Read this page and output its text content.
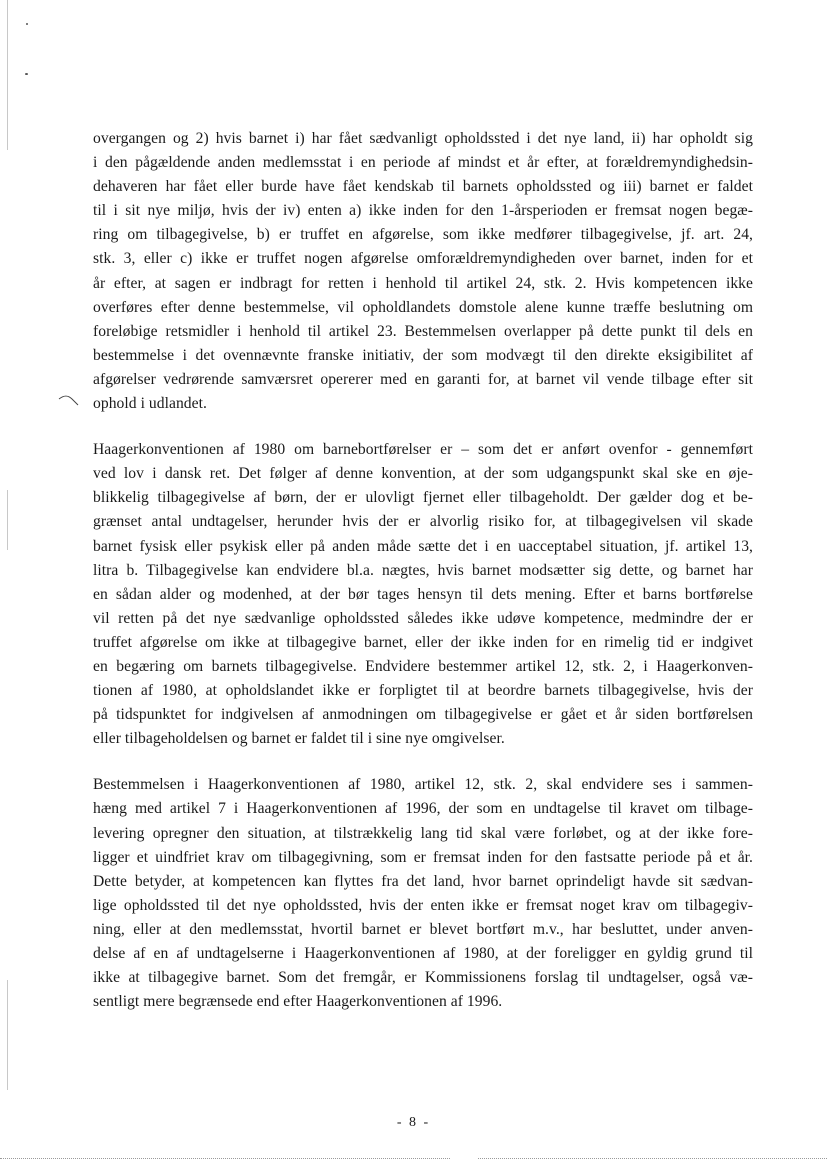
overgangen og 2) hvis barnet i) har fået sædvanligt opholdssted i det nye land, ii) har opholdt sig
i den pågældende anden medlemsstat i en periode af mindst et år efter, at forældremyndighedsin-
dehaveren har fået eller burde have fået kendskab til barnets opholdssted og iii) barnet er faldet
til i sit nye miljø, hvis der iv) enten a) ikke inden for den 1-årsperioden er fremsat nogen begæ-
ring om tilbagegivelse, b) er truffet en afgørelse, som ikke medfører tilbagegivelse, jf. art. 24,
stk. 3, eller c) ikke er truffet nogen afgørelse omforældremyndigheden over barnet, inden for et
år efter, at sagen er indbragt for retten i henhold til artikel 24, stk. 2. Hvis kompetencen ikke
overføres efter denne bestemmelse, vil opholdlandets domstole alene kunne træffe beslutning om
foreløbige retsmidler i henhold til artikel 23. Bestemmelsen overlapper på dette punkt til dels en
bestemmelse i det ovennævnte franske initiativ, der som modvægt til den direkte eksigibilitet af
afgørelser vedrørende samværsret opererer med en garanti for, at barnet vil vende tilbage efter sit
ophold i udlandet.
Haagerkonventionen af 1980 om barnebortførelser er – som det er anført ovenfor - gennemført
ved lov i dansk ret. Det følger af denne konvention, at der som udgangspunkt skal ske en øje-
blikkelig tilbagegivelse af børn, der er ulovligt fjernet eller tilbageholdt. Der gælder dog et be-
grænset antal undtagelser, herunder hvis der er alvorlig risiko for, at tilbagegivelsen vil skade
barnet fysisk eller psykisk eller på anden måde sætte det i en uacceptabel situation, jf. artikel 13,
litra b. Tilbagegivelse kan endvidere bl.a. nægtes, hvis barnet modsætter sig dette, og barnet har
en sådan alder og modenhed, at der bør tages hensyn til dets mening. Efter et barns bortførelse
vil retten på det nye sædvanlige opholdssted således ikke udøve kompetence, medmindre der er
truffet afgørelse om ikke at tilbagegive barnet, eller der ikke inden for en rimelig tid er indgivet
en begæring om barnets tilbagegivelse. Endvidere bestemmer artikel 12, stk. 2, i Haagerkonven-
tionen af 1980, at opholdslandet ikke er forpligtet til at beordre barnets tilbagegivelse, hvis der
på tidspunktet for indgivelsen af anmodningen om tilbagegivelse er gået et år siden bortførelsen
eller tilbageholdelsen og barnet er faldet til i sine nye omgivelser.
Bestemmelsen i Haagerkonventionen af 1980, artikel 12, stk. 2, skal endvidere ses i sammen-
hæng med artikel 7 i Haagerkonventionen af 1996, der som en undtagelse til kravet om tilbage-
levering opregner den situation, at tilstrækkelig lang tid skal være forløbet, og at der ikke fore-
ligger et uindfriet krav om tilbagegivning, som er fremsat inden for den fastsatte periode på et år.
Dette betyder, at kompetencen kan flyttes fra det land, hvor barnet oprindeligt havde sit sædvan-
lige opholdssted til det nye opholdssted, hvis der enten ikke er fremsat noget krav om tilbagegiv-
ning, eller at den medlemsstat, hvortil barnet er blevet bortført m.v., har besluttet, under anven-
delse af en af undtagelserne i Haagerkonventionen af 1980, at der foreligger en gyldig grund til
ikke at tilbagegive barnet. Som det fremgår, er Kommissionens forslag til undtagelser, også væ-
sentligt mere begrænsede end efter Haagerkonventionen af 1996.
- 8 -
